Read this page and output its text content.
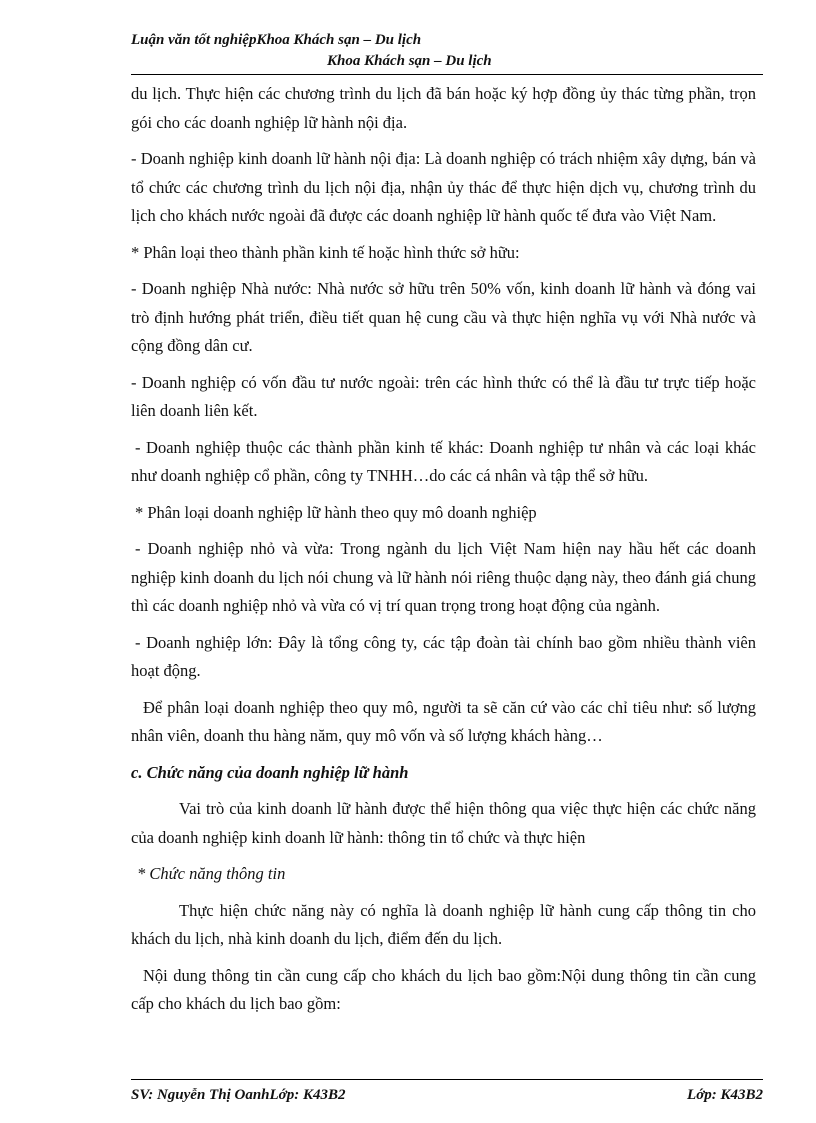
Luận văn tốt nghiệpKhoa Khách sạn – Du lịch
Khoa Khách sạn – Du lịch

du lịch. Thực hiện các chương trình du lịch đã bán hoặc ký hợp đồng ủy thác từng phần, trọn gói cho các doanh nghiệp lữ hành nội địa.

- Doanh nghiệp kinh doanh lữ hành nội địa: Là doanh nghiệp có trách nhiệm xây dựng, bán và tổ chức các chương trình du lịch nội địa, nhận ủy thác để thực hiện dịch vụ, chương trình du lịch cho khách nước ngoài đã được các doanh nghiệp lữ hành quốc tế đưa vào Việt Nam.

* Phân loại theo thành phần kinh tế hoặc hình thức sở hữu:

- Doanh nghiệp Nhà nước: Nhà nước sở hữu trên 50% vốn, kinh doanh lữ hành và đóng vai trò định hướng phát triển, điều tiết quan hệ cung cầu và thực hiện nghĩa vụ với Nhà nước và cộng đồng dân cư.

- Doanh nghiệp có vốn đầu tư nước ngoài: trên các hình thức có thể là đầu tư trực tiếp hoặc liên doanh liên kết.

- Doanh nghiệp thuộc các thành phần kinh tế khác: Doanh nghiệp tư nhân và các loại khác như doanh nghiệp cổ phần, công ty TNHH…do các cá nhân và tập thể sở hữu.

* Phân loại doanh nghiệp lữ hành theo quy mô doanh nghiệp

- Doanh nghiệp nhỏ và vừa: Trong ngành du lịch Việt Nam hiện nay hầu hết các doanh nghiệp kinh doanh du lịch nói chung và lữ hành nói riêng thuộc dạng này, theo đánh giá chung thì các doanh nghiệp nhỏ và vừa có vị trí quan trọng trong hoạt động của ngành.

- Doanh nghiệp lớn: Đây là tổng công ty, các tập đoàn tài chính bao gồm nhiều thành viên hoạt động.

Để phân loại doanh nghiệp theo quy mô, người ta sẽ căn cứ vào các chỉ tiêu như: số lượng nhân viên, doanh thu hàng năm, quy mô vốn và số lượng khách hàng…

c. Chức năng của doanh nghiệp lữ hành

Vai trò của kinh doanh lữ hành được thể hiện thông qua việc thực hiện các chức năng của doanh nghiệp kinh doanh lữ hành: thông tin tổ chức và thực hiện

* Chức năng thông tin

Thực hiện chức năng này có nghĩa là doanh nghiệp lữ hành cung cấp thông tin cho khách du lịch, nhà kinh doanh du lịch, điểm đến du lịch.

Nội dung thông tin cần cung cấp cho khách du lịch bao gồm:Nội dung thông tin cần cung cấp cho khách du lịch bao gồm:

SV: Nguyễn Thị OanhLớp: K43B2	Lớp: K43B2
